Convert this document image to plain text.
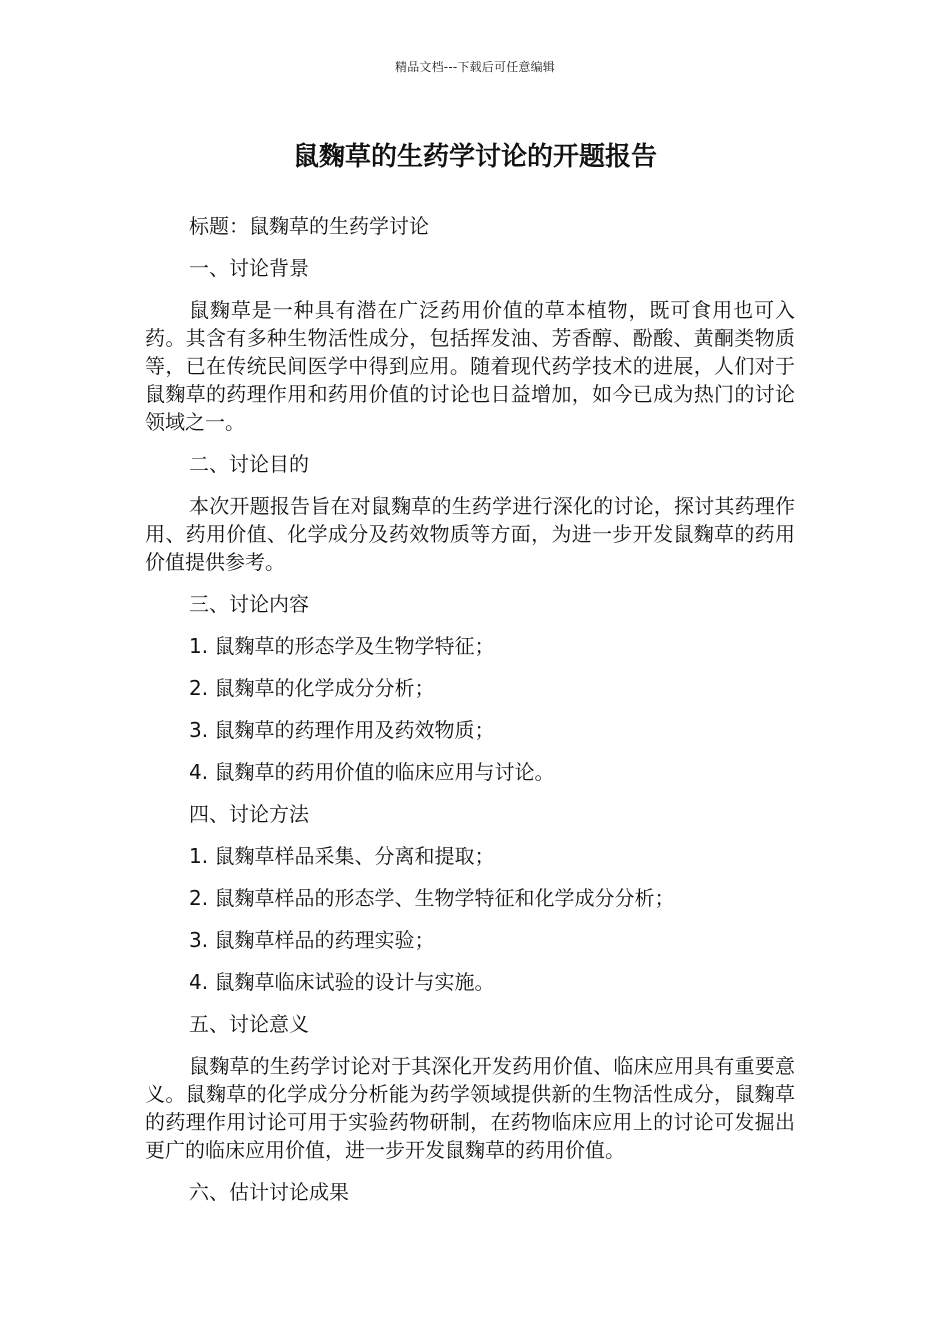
精品文档---下载后可任意编辑
鼠麴草的生药学讨论的开题报告

标题：鼠麴草的生药学讨论

一、讨论背景

鼠麴草是一种具有潜在广泛药用价值的草本植物，既可食用也可入药。其含有多种生物活性成分，包括挥发油、芳香醇、酚酸、黄酮类物质等，已在传统民间医学中得到应用。随着现代药学技术的进展，人们对于鼠麴草的药理作用和药用价值的讨论也日益增加，如今已成为热门的讨论领域之一。

二、讨论目的

本次开题报告旨在对鼠麴草的生药学进行深化的讨论，探讨其药理作用、药用价值、化学成分及药效物质等方面，为进一步开发鼠麴草的药用价值提供参考。

三、讨论内容

1. 鼠麴草的形态学及生物学特征；

2. 鼠麴草的化学成分分析；

3. 鼠麴草的药理作用及药效物质；

4. 鼠麴草的药用价值的临床应用与讨论。

四、讨论方法

1. 鼠麴草样品采集、分离和提取；

2. 鼠麴草样品的形态学、生物学特征和化学成分分析；

3. 鼠麴草样品的药理实验；

4. 鼠麴草临床试验的设计与实施。

五、讨论意义

鼠麴草的生药学讨论对于其深化开发药用价值、临床应用具有重要意义。鼠麴草的化学成分分析能为药学领域提供新的生物活性成分，鼠麴草的药理作用讨论可用于实验药物研制，在药物临床应用上的讨论可发掘出更广的临床应用价值，进一步开发鼠麴草的药用价值。

六、估计讨论成果
